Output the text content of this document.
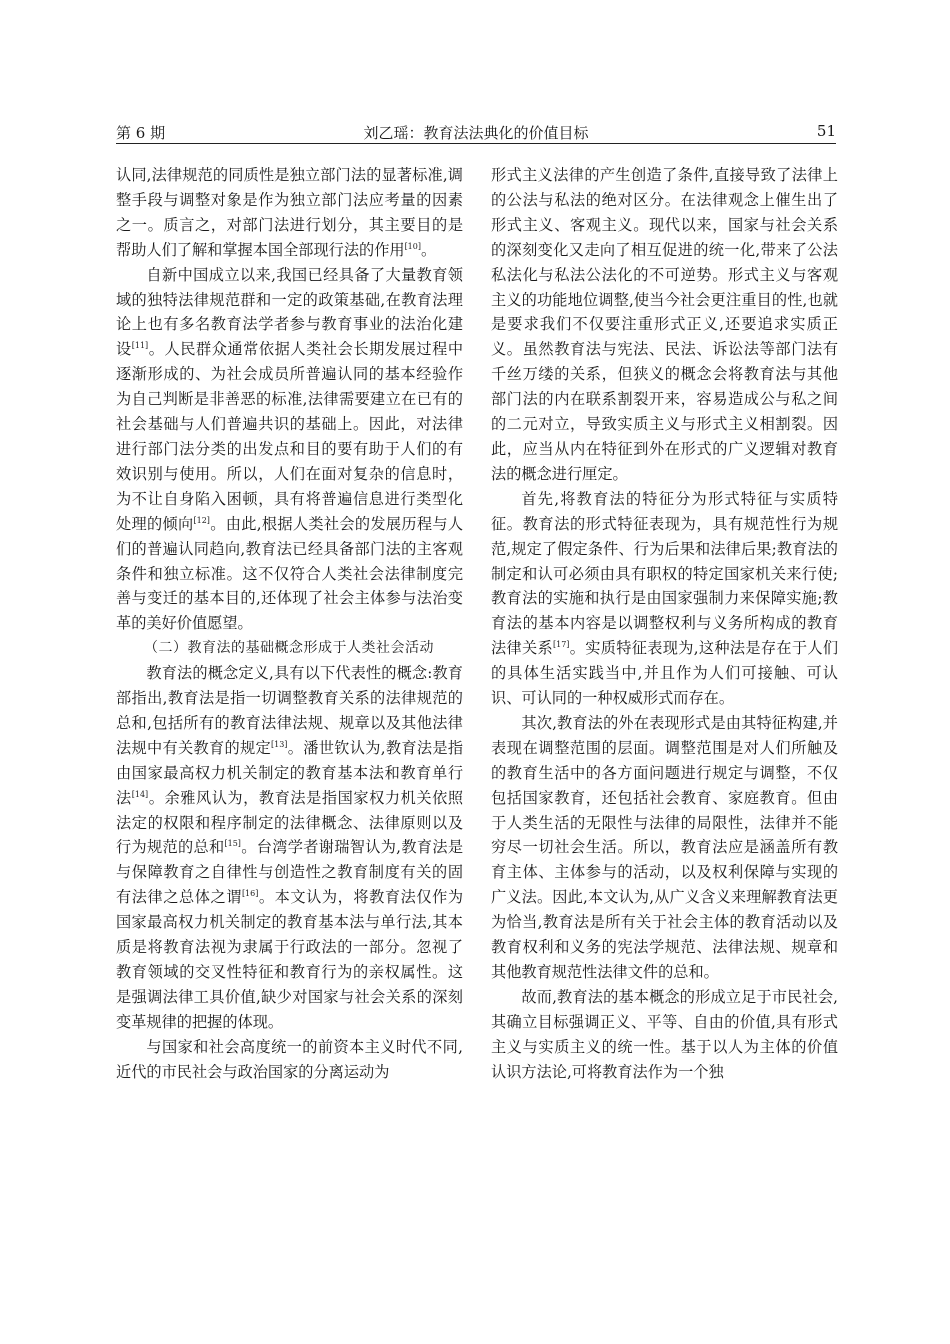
第 6 期	刘乙瑶：教育法法典化的价值目标	51

认同,法律规范的同质性是独立部门法的显著标准,调整手段与调整对象是作为独立部门法应考量的因素之一。质言之，对部门法进行划分，其主要目的是帮助人们了解和掌握本国全部现行法的作用[10]。

自新中国成立以来,我国已经具备了大量教育领域的独特法律规范群和一定的政策基础,在教育法理论上也有多名教育法学者参与教育事业的法治化建设[11]。人民群众通常依据人类社会长期发展过程中逐渐形成的、为社会成员所普遍认同的基本经验作为自己判断是非善恶的标准,法律需要建立在已有的社会基础与人们普遍共识的基础上。因此，对法律进行部门法分类的出发点和目的要有助于人们的有效识别与使用。所以，人们在面对复杂的信息时，为不让自身陷入困顿，具有将普遍信息进行类型化处理的倾向[12]。由此,根据人类社会的发展历程与人们的普遍认同趋向,教育法已经具备部门法的主客观条件和独立标准。这不仅符合人类社会法律制度完善与变迁的基本目的,还体现了社会主体参与法治变革的美好价值愿望。

（二）教育法的基础概念形成于人类社会活动

教育法的概念定义,具有以下代表性的概念:教育部指出,教育法是指一切调整教育关系的法律规范的总和,包括所有的教育法律法规、规章以及其他法律法规中有关教育的规定[13]。潘世钦认为,教育法是指由国家最高权力机关制定的教育基本法和教育单行法[14]。余雅风认为，教育法是指国家权力机关依照法定的权限和程序制定的法律概念、法律原则以及行为规范的总和[15]。台湾学者谢瑞智认为,教育法是与保障教育之自律性与创造性之教育制度有关的固有法律之总体之谓[16]。本文认为，将教育法仅作为国家最高权力机关制定的教育基本法与单行法,其本质是将教育法视为隶属于行政法的一部分。忽视了教育领域的交叉性特征和教育行为的亲权属性。这是强调法律工具价值,缺少对国家与社会关系的深刻变革规律的把握的体现。

与国家和社会高度统一的前资本主义时代不同,近代的市民社会与政治国家的分离运动为

形式主义法律的产生创造了条件,直接导致了法律上的公法与私法的绝对区分。在法律观念上催生出了形式主义、客观主义。现代以来，国家与社会关系的深刻变化又走向了相互促进的统一化,带来了公法私法化与私法公法化的不可逆势。形式主义与客观主义的功能地位调整,使当今社会更注重目的性,也就是要求我们不仅要注重形式正义,还要追求实质正义。虽然教育法与宪法、民法、诉讼法等部门法有千丝万缕的关系，但狭义的概念会将教育法与其他部门法的内在联系割裂开来，容易造成公与私之间的二元对立，导致实质主义与形式主义相割裂。因此，应当从内在特征到外在形式的广义逻辑对教育法的概念进行厘定。

首先,将教育法的特征分为形式特征与实质特征。教育法的形式特征表现为，具有规范性行为规范,规定了假定条件、行为后果和法律后果;教育法的制定和认可必须由具有职权的特定国家机关来行使;教育法的实施和执行是由国家强制力来保障实施;教育法的基本内容是以调整权利与义务所构成的教育法律关系[17]。实质特征表现为,这种法是存在于人们的具体生活实践当中,并且作为人们可接触、可认识、可认同的一种权威形式而存在。

其次,教育法的外在表现形式是由其特征构建,并表现在调整范围的层面。调整范围是对人们所触及的教育生活中的各方面问题进行规定与调整，不仅包括国家教育，还包括社会教育、家庭教育。但由于人类生活的无限性与法律的局限性，法律并不能穷尽一切社会生活。所以，教育法应是涵盖所有教育主体、主体参与的活动，以及权利保障与实现的广义法。因此,本文认为,从广义含义来理解教育法更为恰当,教育法是所有关于社会主体的教育活动以及教育权利和义务的宪法学规范、法律法规、规章和其他教育规范性法律文件的总和。

故而,教育法的基本概念的形成立足于市民社会,其确立目标强调正义、平等、自由的价值,具有形式主义与实质主义的统一性。基于以人为主体的价值认识方法论,可将教育法作为一个独
